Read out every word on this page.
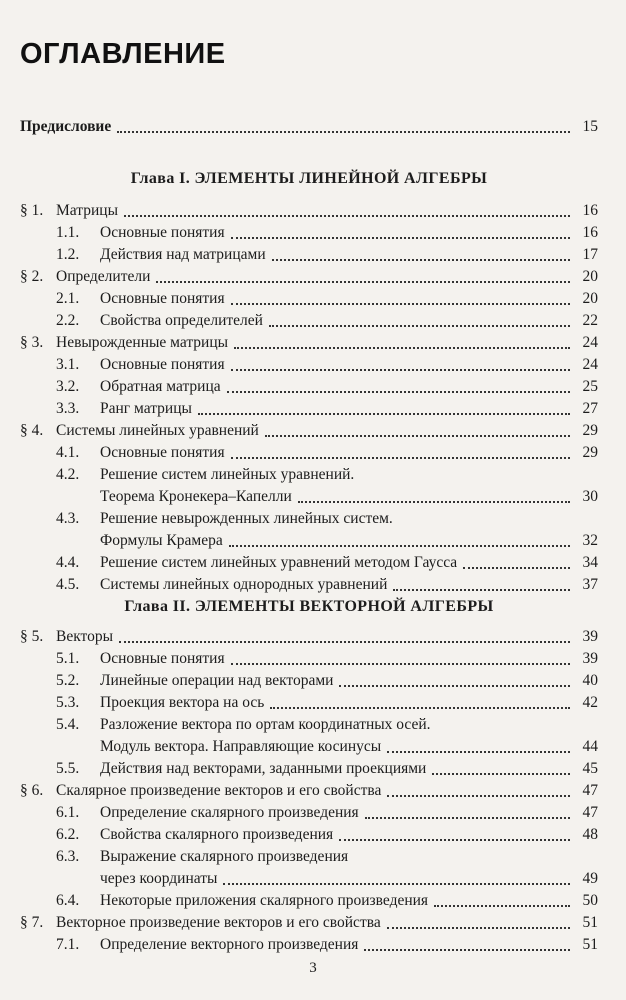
ОГЛАВЛЕНИЕ
Предисловие	15
Глава I. ЭЛЕМЕНТЫ ЛИНЕЙНОЙ АЛГЕБРЫ
§ 1. Матрицы	16
1.1.	Основные понятия	16
1.2.	Действия над матрицами	17
§ 2. Определители	20
2.1.	Основные понятия	20
2.2.	Свойства определителей	22
§ 3. Невырожденные матрицы	24
3.1.	Основные понятия	24
3.2.	Обратная матрица	25
3.3.	Ранг матрицы	27
§ 4. Системы линейных уравнений	29
4.1.	Основные понятия	29
4.2.	Решение систем линейных уравнений.
Теорема Кронекера–Капелли	30
4.3.	Решение невырожденных линейных систем.
Формулы Крамера	32
4.4.	Решение систем линейных уравнений методом Гаусса	34
4.5.	Системы линейных однородных уравнений	37
Глава II. ЭЛЕМЕНТЫ ВЕКТОРНОЙ АЛГЕБРЫ
§ 5. Векторы	39
5.1.	Основные понятия	39
5.2.	Линейные операции над векторами	40
5.3.	Проекция вектора на ось	42
5.4.	Разложение вектора по ортам координатных осей.
Модуль вектора. Направляющие косинусы	44
5.5.	Действия над векторами, заданными проекциями	45
§ 6. Скалярное произведение векторов и его свойства	47
6.1.	Определение скалярного произведения	47
6.2.	Свойства скалярного произведения	48
6.3.	Выражение скалярного произведения
через координаты	49
6.4.	Некоторые приложения скалярного произведения	50
§ 7. Векторное произведение векторов и его свойства	51
7.1.	Определение векторного произведения	51
3
